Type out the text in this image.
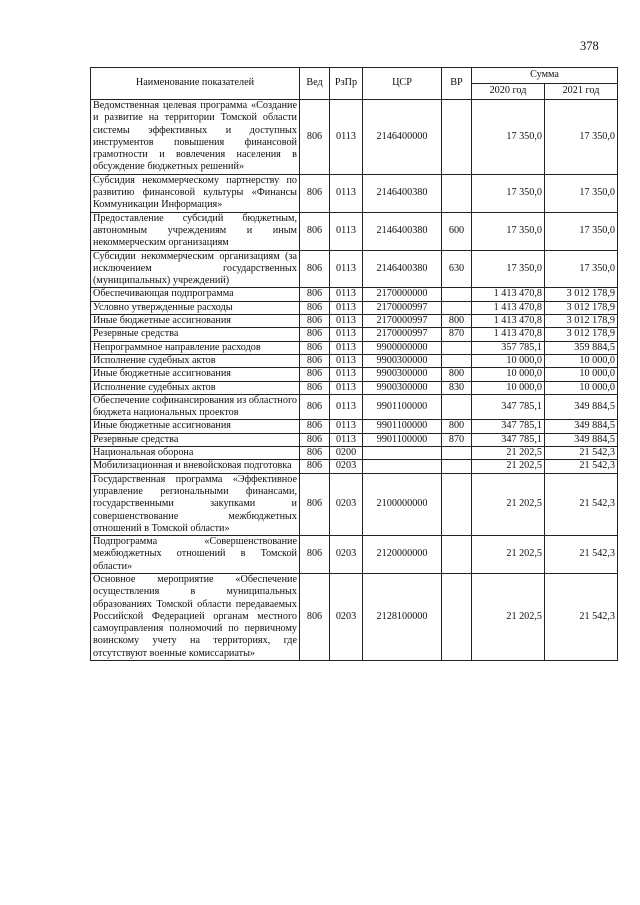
378
Наименование показателей	Вед	РзПр	ЦСР	ВР	Сумма	
					2020 год	2021 год
Ведомственная целевая программа «Создание и развитие на территории Томской области системы эффективных и доступных инструментов повышения финансовой грамотности и вовлечения населения в обсуждение бюджетных решений»	806	0113	2146400000		17 350,0	17 350,0
Субсидия некоммерческому партнерству по развитию финансовой культуры «Финансы Коммуникации Информация»	806	0113	2146400380		17 350,0	17 350,0
Предоставление субсидий бюджетным, автономным учреждениям и иным некоммерческим организациям	806	0113	2146400380	600	17 350,0	17 350,0
Субсидии некоммерческим организациям (за исключением государственных (муниципальных) учреждений)	806	0113	2146400380	630	17 350,0	17 350,0
Обеспечивающая подпрограмма	806	0113	2170000000		1 413 470,8	3 012 178,9
Условно утвержденные расходы	806	0113	2170000997		1 413 470,8	3 012 178,9
Иные бюджетные ассигнования	806	0113	2170000997	800	1 413 470,8	3 012 178,9
Резервные средства	806	0113	2170000997	870	1 413 470,8	3 012 178,9
Непрограммное направление расходов	806	0113	9900000000		357 785,1	359 884,5
Исполнение судебных актов	806	0113	9900300000		10 000,0	10 000,0
Иные бюджетные ассигнования	806	0113	9900300000	800	10 000,0	10 000,0
Исполнение судебных актов	806	0113	9900300000	830	10 000,0	10 000,0
Обеспечение софинансирования из областного бюджета национальных проектов	806	0113	9901100000		347 785,1	349 884,5
Иные бюджетные ассигнования	806	0113	9901100000	800	347 785,1	349 884,5
Резервные средства	806	0113	9901100000	870	347 785,1	349 884,5
Национальная оборона	806	0200			21 202,5	21 542,3
Мобилизационная и вневойсковая подготовка	806	0203			21 202,5	21 542,3
Государственная программа «Эффективное управление региональными финансами, государственными закупками и совершенствование межбюджетных отношений в Томской области»	806	0203	2100000000		21 202,5	21 542,3
Подпрограмма «Совершенствование межбюджетных отношений в Томской области»	806	0203	2120000000		21 202,5	21 542,3
Основное мероприятие «Обеспечение осуществления в муниципальных образованиях Томской области передаваемых Российской Федерацией органам местного самоуправления полномочий по первичному воинскому учету на территориях, где отсутствуют военные комиссариаты»	806	0203	2128100000		21 202,5	21 542,3
